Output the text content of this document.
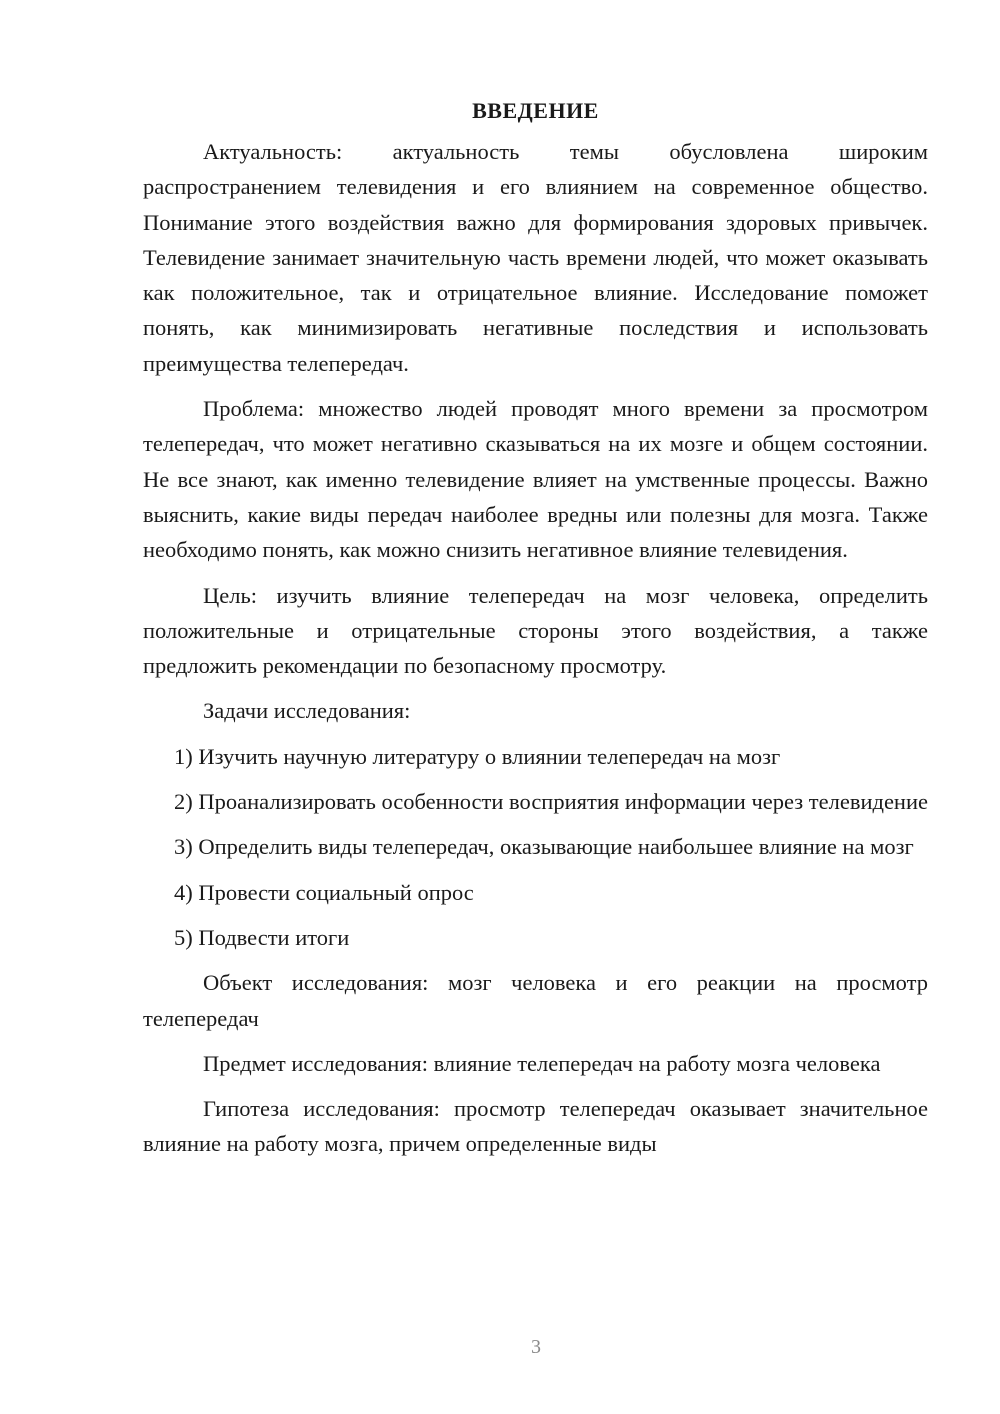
ВВЕДЕНИЕ

Актуальность: актуальность темы обусловлена широким распространением телевидения и его влиянием на современное общество. Понимание этого воздействия важно для формирования здоровых привычек. Телевидение занимает значительную часть времени людей, что может оказывать как положительное, так и отрицательное влияние. Исследование поможет понять, как минимизировать негативные последствия и использовать преимущества телепередач.

Проблема: множество людей проводят много времени за просмотром телепередач, что может негативно сказываться на их мозге и общем состоянии. Не все знают, как именно телевидение влияет на умственные процессы. Важно выяснить, какие виды передач наиболее вредны или полезны для мозга. Также необходимо понять, как можно снизить негативное влияние телевидения.

Цель: изучить влияние телепередач на мозг человека, определить положительные и отрицательные стороны этого воздействия, а также предложить рекомендации по безопасному просмотру.

Задачи исследования:

1) Изучить научную литературу о влиянии телепередач на мозг

2) Проанализировать особенности восприятия информации через телевидение

3) Определить виды телепередач, оказывающие наибольшее влияние на мозг

4) Провести социальный опрос

5) Подвести итоги

Объект исследования: мозг человека и его реакции на просмотр телепередач

Предмет исследования: влияние телепередач на работу мозга человека

Гипотеза исследования: просмотр телепередач оказывает значительное влияние на работу мозга, причем определенные виды

3
